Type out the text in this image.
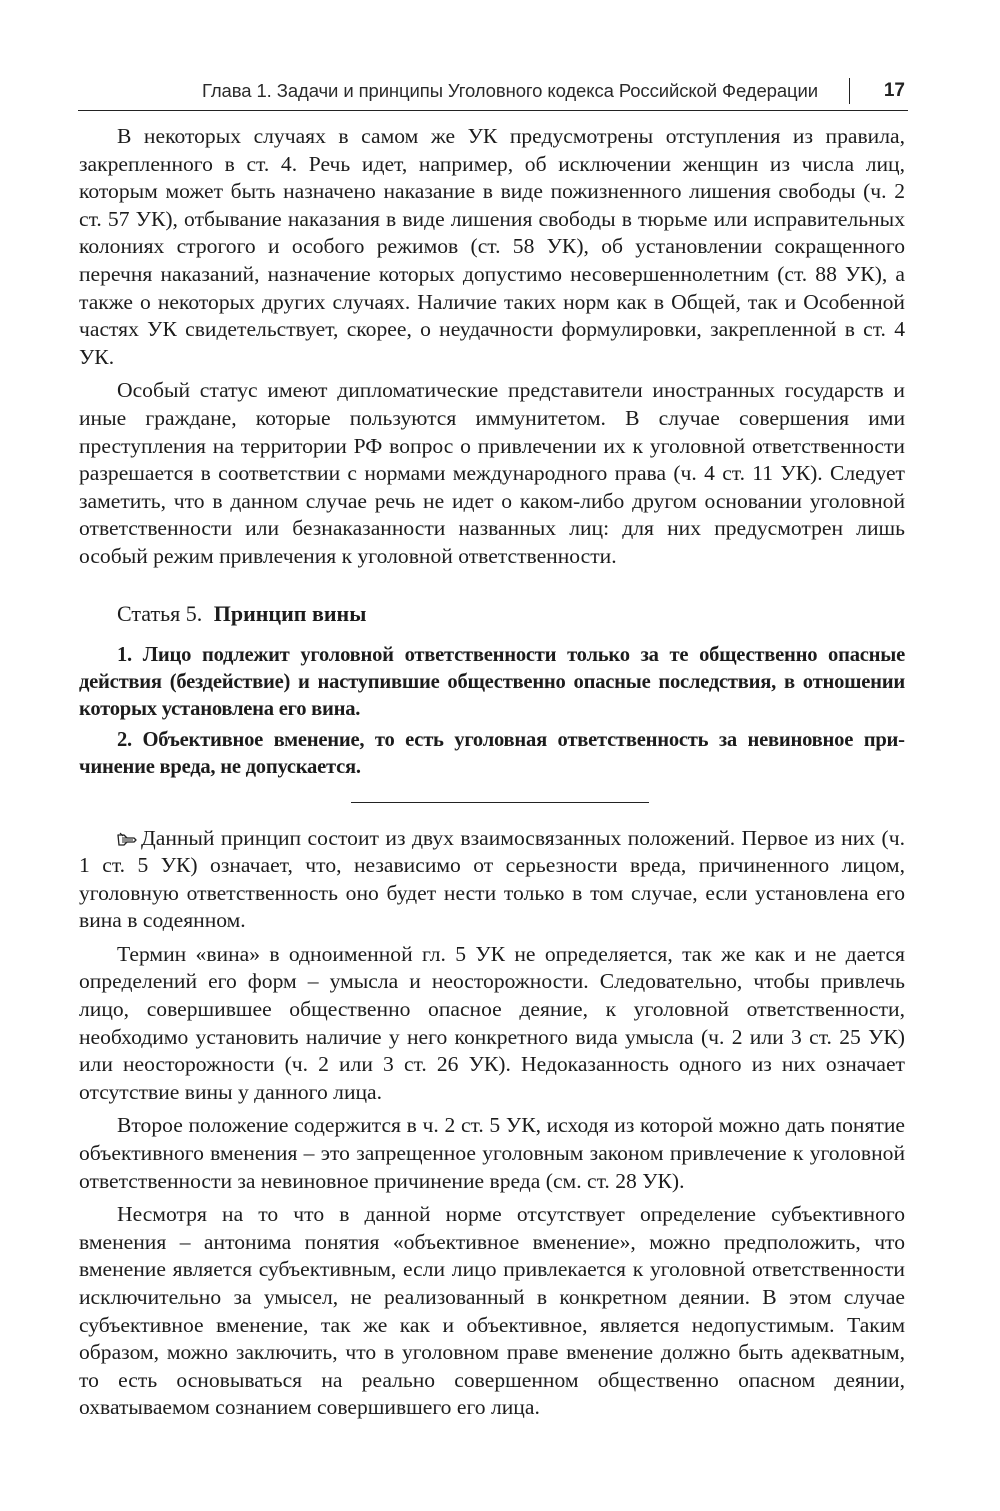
Глава 1. Задачи и принципы Уголовного кодекса Российской Федерации	17

В некоторых случаях в самом же УК предусмотрены отступления из правила, закрепленного в ст. 4. Речь идет, например, об исключении женщин из числа лиц, которым может быть назначено наказание в виде пожизненного лишения свободы (ч. 2 ст. 57 УК), отбывание наказания в виде лишения свободы в тюрьме или исправительных колониях строгого и особого режимов (ст. 58 УК), об установлении сокращенного перечня наказаний, назначение которых допустимо несовершеннолетним (ст. 88 УК), а также о некоторых других случаях. Наличие таких норм как в Общей, так и Особенной частях УК свидетельствует, скорее, о неудачности формулировки, закрепленной в ст. 4 УК.

Особый статус имеют дипломатические представители иностранных государств и иные граждане, которые пользуются иммунитетом. В случае совершения ими преступления на территории РФ вопрос о привлечении их к уголовной ответственности разрешается в соответствии с нормами международного права (ч. 4 ст. 11 УК). Следует заметить, что в данном случае речь не идет о каком-либо другом основании уголовной ответственности или безнаказанности названных лиц: для них предусмотрен лишь особый режим привлечения к уголовной ответственности.

Статья 5. Принцип вины

1. Лицо подлежит уголовной ответственности только за те общественно опасные действия (бездействие) и наступившие общественно опасные последствия, в отношении которых установлена его вина.

2. Объективное вменение, то есть уголовная ответственность за невиновное причинение вреда, не допускается.

Данный принцип состоит из двух взаимосвязанных положений. Первое из них (ч. 1 ст. 5 УК) означает, что, независимо от серьезности вреда, причиненного лицом, уголовную ответственность оно будет нести только в том случае, если установлена его вина в содеянном.

Термин «вина» в одноименной гл. 5 УК не определяется, так же как и не дается определений его форм – умысла и неосторожности. Следовательно, чтобы привлечь лицо, совершившее общественно опасное деяние, к уголовной ответственности, необходимо установить наличие у него конкретного вида умысла (ч. 2 или 3 ст. 25 УК) или неосторожности (ч. 2 или 3 ст. 26 УК). Недоказанность одного из них означает отсутствие вины у данного лица.

Второе положение содержится в ч. 2 ст. 5 УК, исходя из которой можно дать понятие объективного вменения – это запрещенное уголовным законом привлечение к уголовной ответственности за невиновное причинение вреда (см. ст. 28 УК).

Несмотря на то что в данной норме отсутствует определение субъективного вменения – антонима понятия «объективное вменение», можно предположить, что вменение является субъективным, если лицо привлекается к уголовной ответственности исключительно за умысел, не реализованный в конкретном деянии. В этом случае субъективное вменение, так же как и объективное, является недопустимым. Таким образом, можно заключить, что в уголовном праве вменение должно быть адекватным, то есть основываться на реально совершенном общественно опасном деянии, охватываемом сознанием совершившего его лица.
